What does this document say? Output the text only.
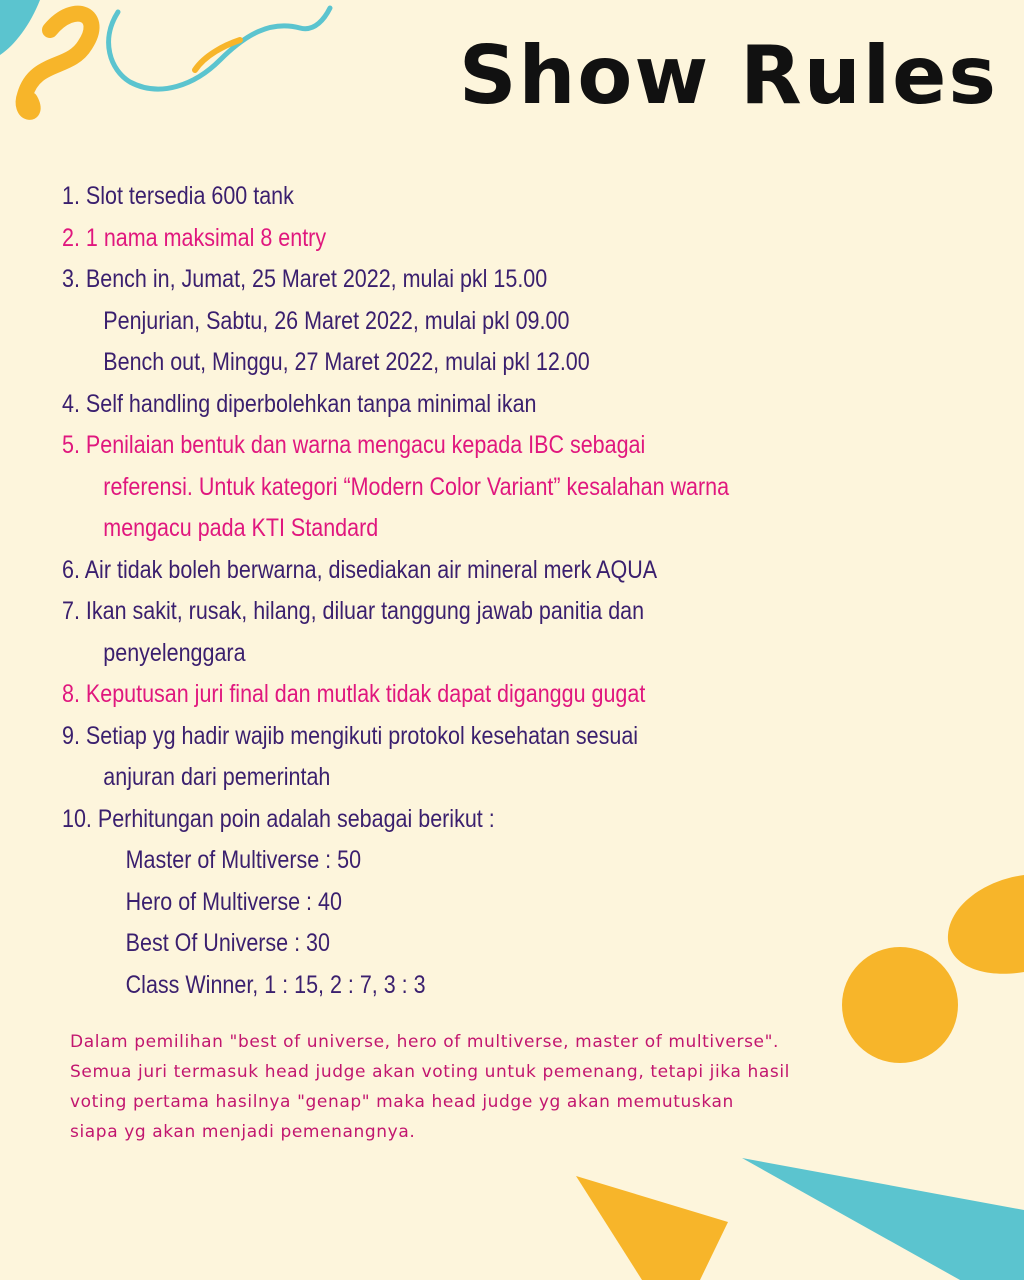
Show Rules
1. Slot tersedia 600 tank
2. 1 nama maksimal 8 entry
3. Bench in, Jumat, 25 Maret 2022, mulai pkl 15.00
Penjurian, Sabtu, 26 Maret 2022, mulai pkl 09.00
Bench out, Minggu, 27 Maret 2022, mulai pkl 12.00
4. Self handling diperbolehkan tanpa minimal ikan
5. Penilaian bentuk dan warna mengacu kepada IBC sebagai
referensi. Untuk kategori “Modern Color Variant” kesalahan warna
mengacu pada KTI Standard
6. Air tidak boleh berwarna, disediakan air mineral merk AQUA
7. Ikan sakit, rusak, hilang, diluar tanggung jawab panitia dan
penyelenggara
8. Keputusan juri final dan mutlak tidak dapat diganggu gugat
9. Setiap yg hadir wajib mengikuti protokol kesehatan sesuai
anjuran dari pemerintah
10. Perhitungan poin adalah sebagai berikut :
Master of Multiverse : 50
Hero of Multiverse : 40
Best Of Universe : 30
Class Winner, 1 : 15, 2 : 7, 3 : 3
Dalam pemilihan "best of universe, hero of multiverse, master of multiverse".
Semua juri termasuk head judge akan voting untuk pemenang, tetapi jika hasil
voting pertama hasilnya "genap" maka head judge yg akan memutuskan
siapa yg akan menjadi pemenangnya.
